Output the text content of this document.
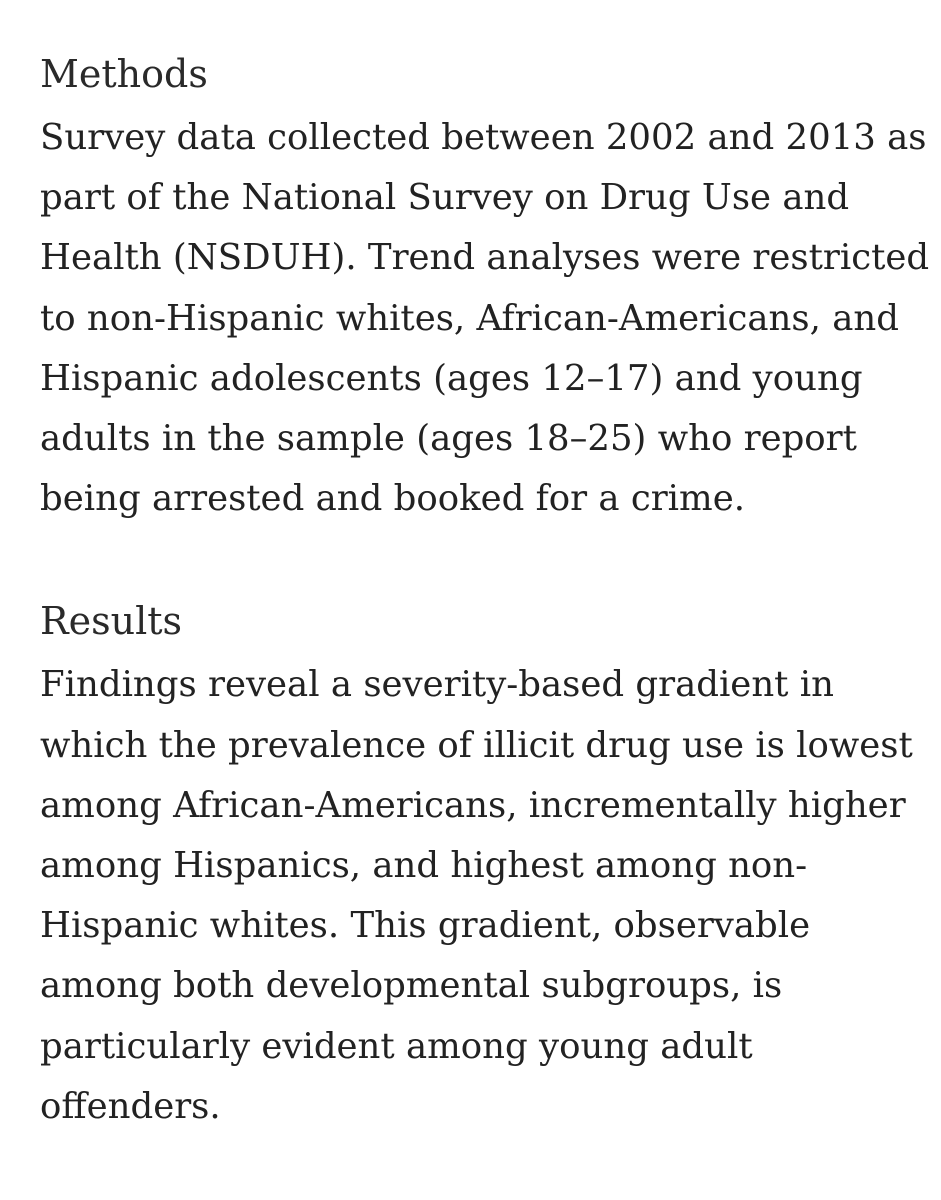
Methods

Survey data collected between 2002 and 2013 as
part of the National Survey on Drug Use and
Health (NSDUH). Trend analyses were restricted
to non-Hispanic whites, African-Americans, and
Hispanic adolescents (ages 12–17) and young
adults in the sample (ages 18–25) who report
being arrested and booked for a crime.

Results

Findings reveal a severity-based gradient in
which the prevalence of illicit drug use is lowest
among African-Americans, incrementally higher
among Hispanics, and highest among non-
Hispanic whites. This gradient, observable
among both developmental subgroups, is
particularly evident among young adult
offenders.
